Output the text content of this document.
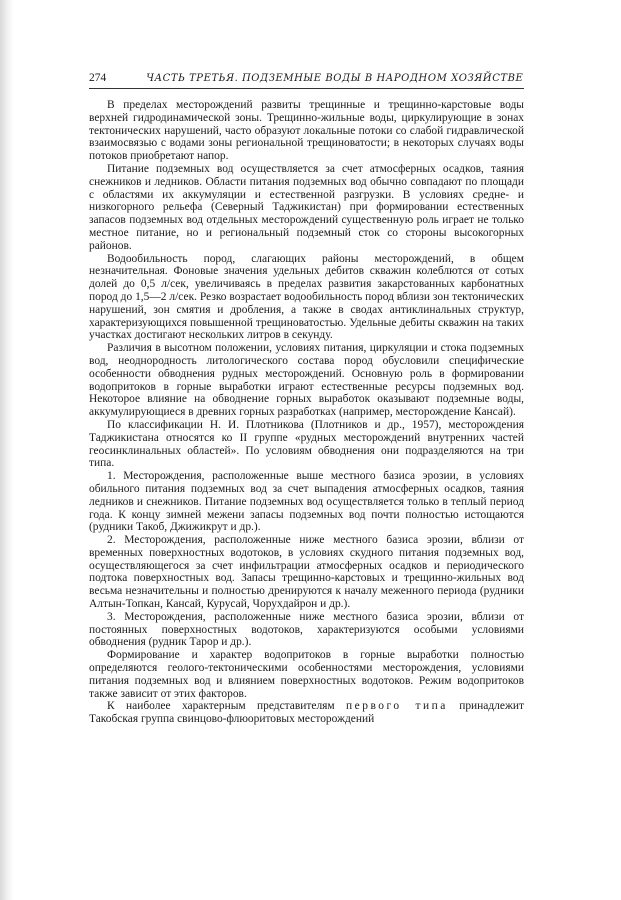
274	ЧАСТЬ ТРЕТЬЯ. ПОДЗЕМНЫЕ ВОДЫ В НАРОДНОМ ХОЗЯЙСТВЕ

В пределах месторождений развиты трещинные и трещинно-карстовые воды верхней гидродинамической зоны. Трещинно-жильные воды, циркулирующие в зонах тектонических нарушений, часто образуют локальные потоки со слабой гидравлической взаимосвязью с водами зоны региональной трещиноватости; в некоторых случаях воды потоков приобретают напор.

Питание подземных вод осуществляется за счет атмосферных осадков, таяния снежников и ледников. Области питания подземных вод обычно совпадают по площади с областями их аккумуляции и естественной разгрузки. В условиях средне- и низкогорного рельефа (Северный Таджикистан) при формировании естественных запасов подземных вод отдельных месторождений существенную роль играет не только местное питание, но и региональный подземный сток со стороны высокогорных районов.

Водообильность пород, слагающих районы месторождений, в общем незначительная. Фоновые значения удельных дебитов скважин колеблются от сотых долей до 0,5 л/сек, увеличиваясь в пределах развития закарстованных карбонатных пород до 1,5—2 л/сек. Резко возрастает водообильность пород вблизи зон тектонических нарушений, зон смятия и дробления, а также в сводах антиклинальных структур, характеризующихся повышенной трещиноватостью. Удельные дебиты скважин на таких участках достигают нескольких литров в секунду.

Различия в высотном положении, условиях питания, циркуляции и стока подземных вод, неоднородность литологического состава пород обусловили специфические особенности обводнения рудных месторождений. Основную роль в формировании водопритоков в горные выработки играют естественные ресурсы подземных вод. Некоторое влияние на обводнение горных выработок оказывают подземные воды, аккумулирующиеся в древних горных разработках (например, месторождение Кансай).

По классификации Н. И. Плотникова (Плотников и др., 1957), месторождения Таджикистана относятся ко II группе «рудных месторождений внутренних частей геосинклинальных областей». По условиям обводнения они подразделяются на три типа.

1. Месторождения, расположенные выше местного базиса эрозии, в условиях обильного питания подземных вод за счет выпадения атмосферных осадков, таяния ледников и снежников. Питание подземных вод осуществляется только в теплый период года. К концу зимней межени запасы подземных вод почти полностью истощаются (рудники Такоб, Джижикрут и др.).

2. Месторождения, расположенные ниже местного базиса эрозии, вблизи от временных поверхностных водотоков, в условиях скудного питания подземных вод, осуществляющегося за счет инфильтрации атмосферных осадков и периодического подтока поверхностных вод. Запасы трещинно-карстовых и трещинно-жильных вод весьма незначительны и полностью дренируются к началу меженного периода (рудники Алтын-Топкан, Кансай, Курусай, Чорухдайрон и др.).

3. Месторождения, расположенные ниже местного базиса эрозии, вблизи от постоянных поверхностных водотоков, характеризуются особыми условиями обводнения (рудник Тарор и др.).

Формирование и характер водопритоков в горные выработки полностью определяются геолого-тектоническими особенностями месторождения, условиями питания подземных вод и влиянием поверхностных водотоков. Режим водопритоков также зависит от этих факторов.

К наиболее характерным представителям первого типа принадлежит Такобская группа свинцово-флюоритовых месторождений
